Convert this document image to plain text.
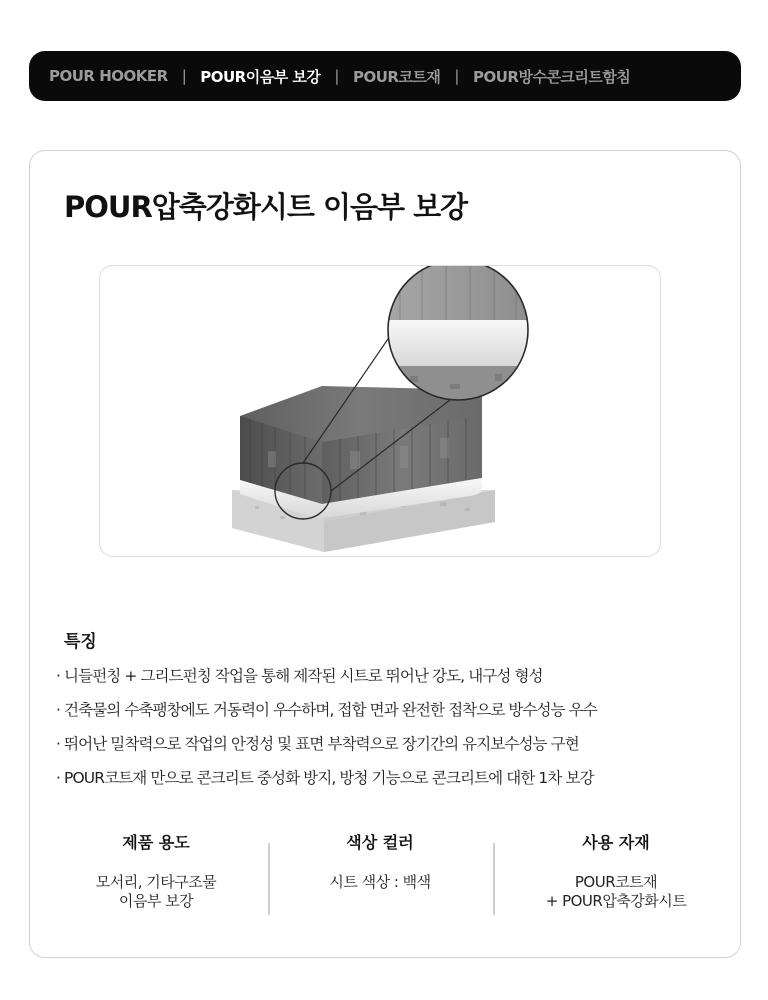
POUR HOOKER | POUR이음부 보강 | POUR코트재 | POUR방수콘크리트함침
POUR압축강화시트 이음부 보강
특징
· 니들펀칭 + 그리드펀칭 작업을 통해 제작된 시트로 뛰어난 강도, 내구성 형성
· 건축물의 수축팽창에도 거동력이 우수하며, 접합 면과 완전한 접착으로 방수성능 우수
· 뛰어난 밀착력으로 작업의 안정성 및 표면 부착력으로 장기간의 유지보수성능 구현
· POUR코트재 만으로 콘크리트 중성화 방지, 방청 기능으로 콘크리트에 대한 1차 보강
제품 용도
모서리, 기타구조물
이음부 보강
색상 컬러
시트 색상 : 백색
사용 자재
POUR코트재
+ POUR압축강화시트
